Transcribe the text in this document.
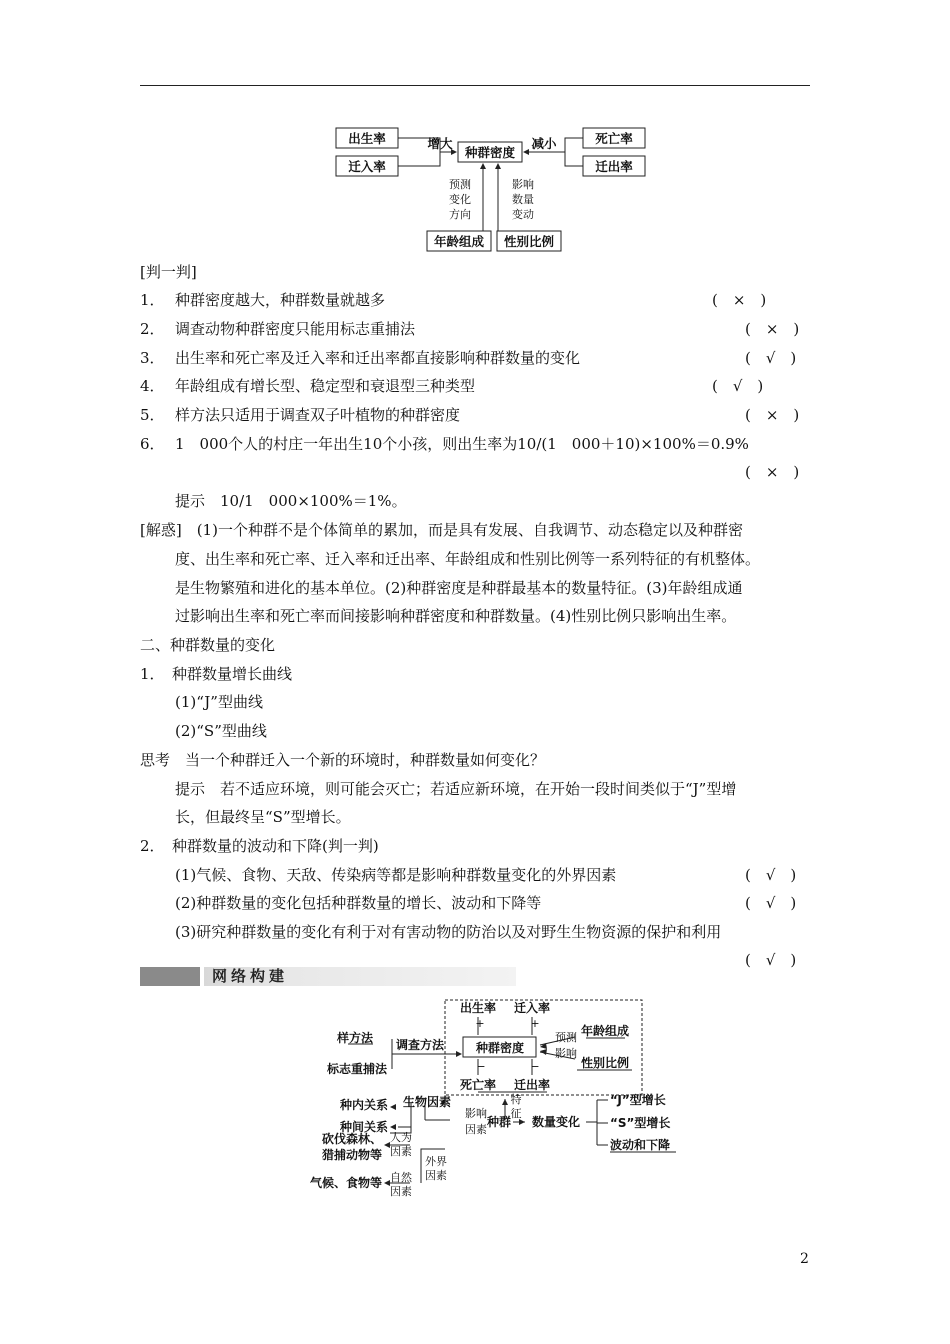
出生率
迁入率
增大
种群密度
减小	死亡率
迁出率
年龄组成 性别比例
预测
变化
方向
影响
数量
变动
[判一判]
1． 种群密度越大，种群数量就越多	(　×　)
2． 调查动物种群密度只能用标志重捕法	(　×　)
3． 出生率和死亡率及迁入率和迁出率都直接影响种群数量的变化	(　√　)
4． 年龄组成有增长型、稳定型和衰退型三种类型	(　√　)
5． 样方法只适用于调查双子叶植物的种群密度	(　×　)
6． 1　000个人的村庄一年出生10个小孩，则出生率为10/(1　000＋10)×100%＝0.9%
(　×　)
提示　10/1　000×100%＝1%。
[解惑]　(1)一个种群不是个体简单的累加，而是具有发展、自我调节、动态稳定以及种群密
度、出生率和死亡率、迁入率和迁出率、年龄组成和性别比例等一系列特征的有机整体。
是生物繁殖和进化的基本单位。(2)种群密度是种群最基本的数量特征。(3)年龄组成通
过影响出生率和死亡率而间接影响种群密度和种群数量。(4)性别比例只影响出生率。
二、种群数量的变化
1．　种群数量增长曲线
(1)“J”型曲线
(2)“S”型曲线
思考　当一个种群迁入一个新的环境时，种群数量如何变化？
提示　若不适应环境，则可能会灭亡；若适应新环境，在开始一段时间类似于“J”型增
长，但最终呈“S”型增长。
2．　种群数量的波动和下降(判一判)
(1)气候、食物、天敌、传染病等都是影响种群数量变化的外界因素	(　√　)
(2)种群数量的变化包括种群数量的增长、波动和下降等	(　√　)
(3)研究种群数量的变化有利于对有害动物的防治以及对野生生物资源的保护和利用
(　√　)
网络构建
样方法
标志重捕法
调查方法
出生率 迁入率
种群密度
死亡率 迁出率
年龄组成
性别比例
种内关系
种间关系
生物因素
种群 数量变化
“J”型增长
“S”型增长
波动和下降
砍伐森林、
猎捕动物等
气候、食物等
+	+
−	−
预测
影响
影响
因素
特
征
人为
因素
外界
因素
自然
因素
2
